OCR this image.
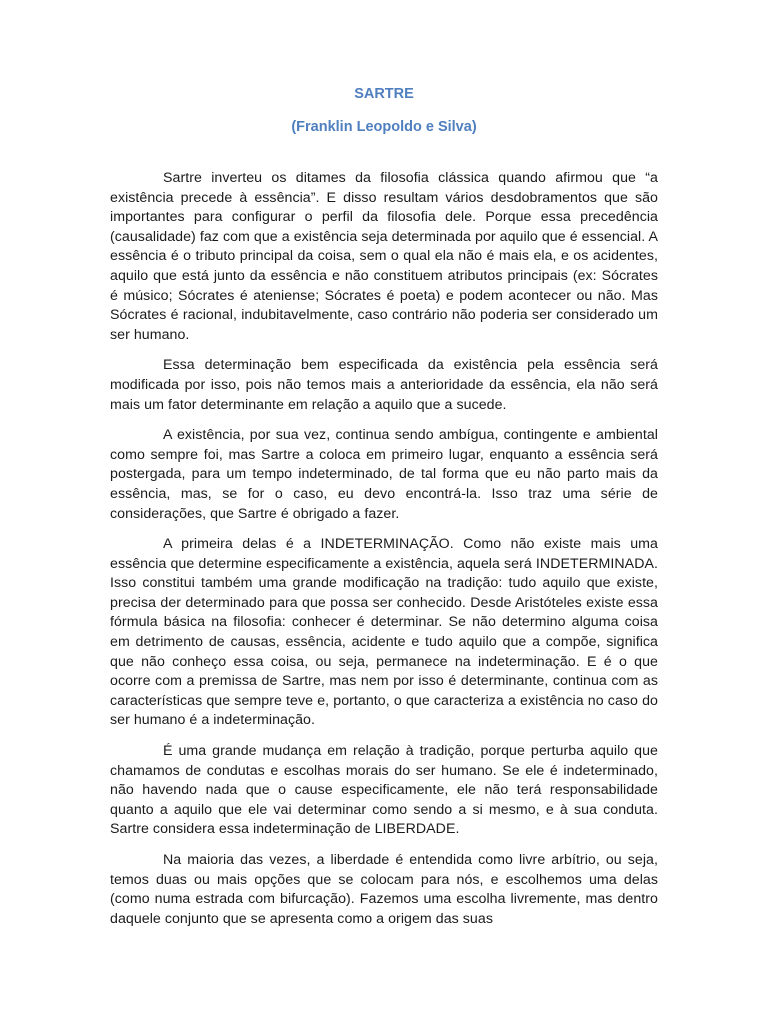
SARTRE
(Franklin Leopoldo e Silva)

Sartre inverteu os ditames da filosofia clássica quando afirmou que “a existência precede à essência”. E disso resultam vários desdobramentos que são importantes para configurar o perfil da filosofia dele. Porque essa precedência (causalidade) faz com que a existência seja determinada por aquilo que é essencial. A essência é o tributo principal da coisa, sem o qual ela não é mais ela, e os acidentes, aquilo que está junto da essência e não constituem atributos principais (ex: Sócrates é músico; Sócrates é ateniense; Sócrates é poeta) e podem acontecer ou não. Mas Sócrates é racional, indubitavelmente, caso contrário não poderia ser considerado um ser humano.

Essa determinação bem especificada da existência pela essência será modificada por isso, pois não temos mais a anterioridade da essência, ela não será mais um fator determinante em relação a aquilo que a sucede.

A existência, por sua vez, continua sendo ambígua, contingente e ambiental como sempre foi, mas Sartre a coloca em primeiro lugar, enquanto a essência será postergada, para um tempo indeterminado, de tal forma que eu não parto mais da essência, mas, se for o caso, eu devo encontrá-la. Isso traz uma série de considerações, que Sartre é obrigado a fazer.

A primeira delas é a INDETERMINAÇÃO. Como não existe mais uma essência que determine especificamente a existência, aquela será INDETERMINADA. Isso constitui também uma grande modificação na tradição: tudo aquilo que existe, precisa der determinado para que possa ser conhecido. Desde Aristóteles existe essa fórmula básica na filosofia: conhecer é determinar. Se não determino alguma coisa em detrimento de causas, essência, acidente e tudo aquilo que a compõe, significa que não conheço essa coisa, ou seja, permanece na indeterminação. E é o que ocorre com a premissa de Sartre, mas nem por isso é determinante, continua com as características que sempre teve e, portanto, o que caracteriza a existência no caso do ser humano é a indeterminação.

É uma grande mudança em relação à tradição, porque perturba aquilo que chamamos de condutas e escolhas morais do ser humano. Se ele é indeterminado, não havendo nada que o cause especificamente, ele não terá responsabilidade quanto a aquilo que ele vai determinar como sendo a si mesmo, e à sua conduta. Sartre considera essa indeterminação de LIBERDADE.

Na maioria das vezes, a liberdade é entendida como livre arbítrio, ou seja, temos duas ou mais opções que se colocam para nós, e escolhemos uma delas (como numa estrada com bifurcação). Fazemos uma escolha livremente, mas dentro daquele conjunto que se apresenta como a origem das suas
